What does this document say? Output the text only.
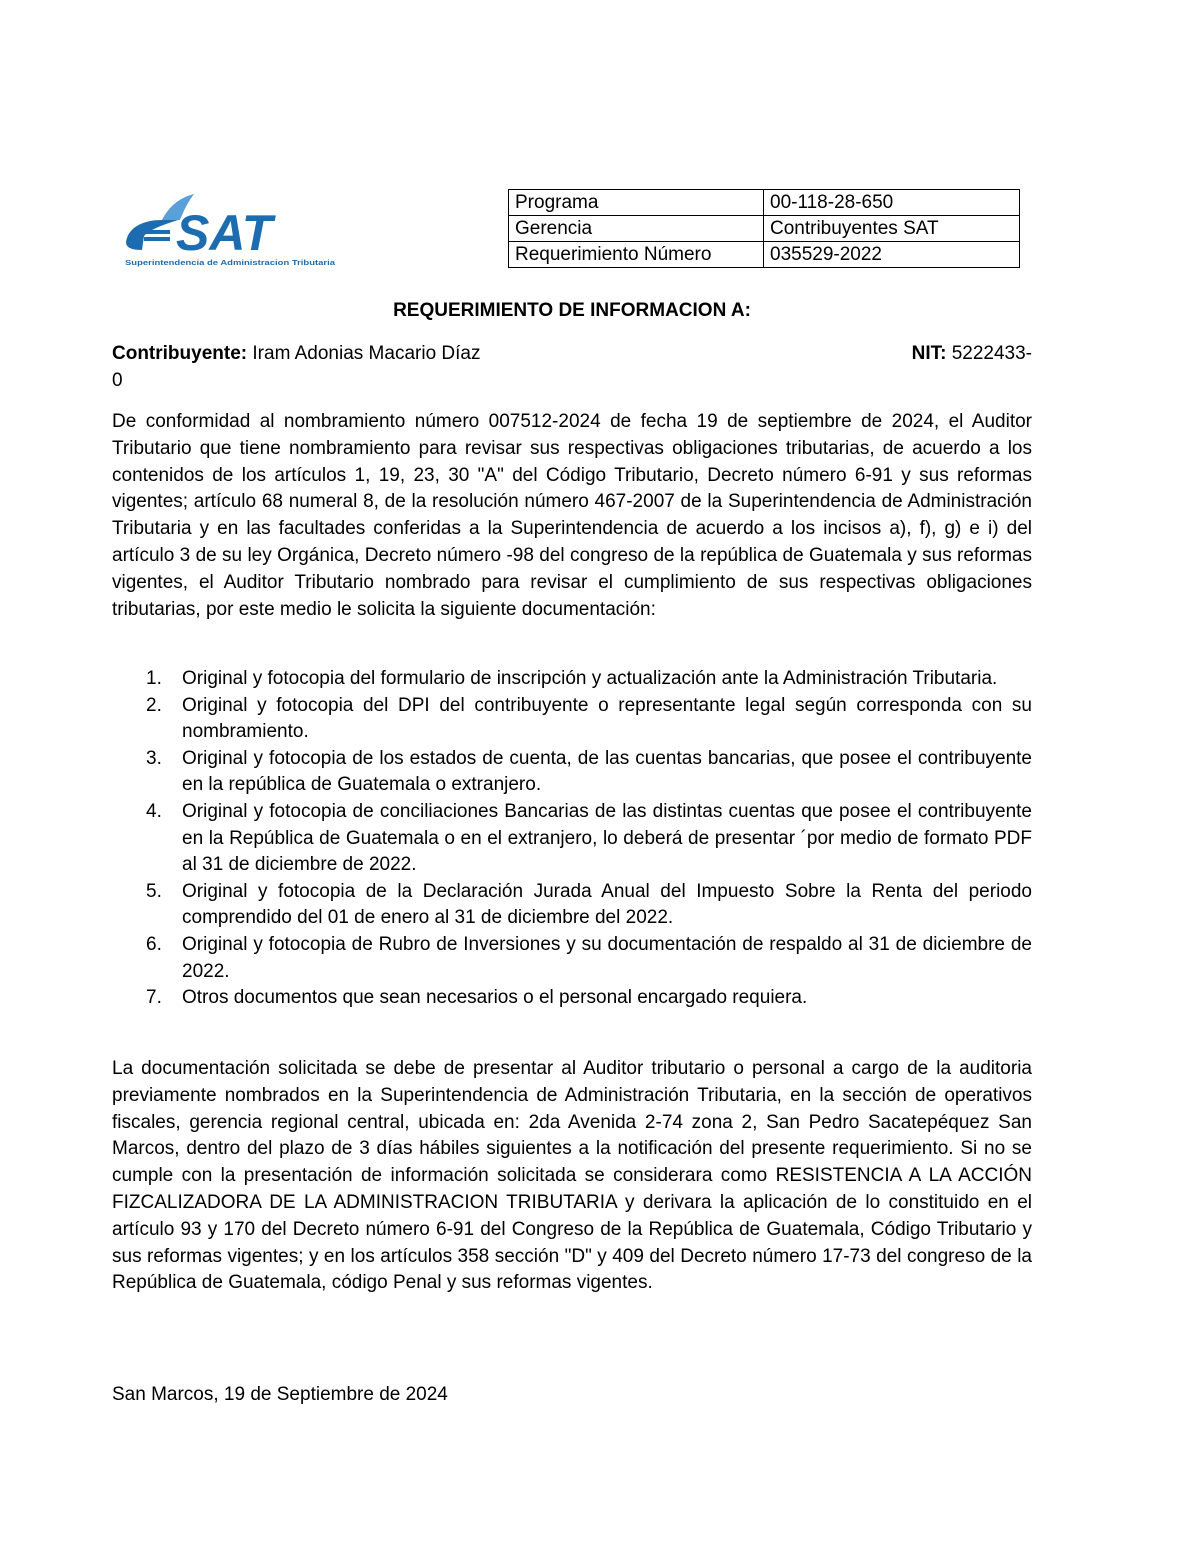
SAT
Superintendencia de Administracion Tributaria
Programa	00-118-28-650
Gerencia	Contribuyentes SAT
Requerimiento Número	035529-2022
REQUERIMIENTO DE INFORMACION A:
Contribuyente: Iram Adonias Macario Díaz	NIT: 5222433-
0
De conformidad al nombramiento número 007512-2024 de fecha 19 de septiembre de 2024, el Auditor Tributario que tiene nombramiento para revisar sus respectivas obligaciones tributarias, de acuerdo a los contenidos de los artículos 1, 19, 23, 30 "A" del Código Tributario, Decreto número 6-91 y sus reformas vigentes; artículo 68 numeral 8, de la resolución número 467-2007 de la Superintendencia de Administración Tributaria y en las facultades conferidas a la Superintendencia de acuerdo a los incisos a), f), g) e i) del artículo 3 de su ley Orgánica, Decreto número -98 del congreso de la república de Guatemala y sus reformas vigentes, el Auditor Tributario nombrado para revisar el cumplimiento de sus respectivas obligaciones tributarias, por este medio le solicita la siguiente documentación:
1. Original y fotocopia del formulario de inscripción y actualización ante la Administración Tributaria.
2. Original y fotocopia del DPI del contribuyente o representante legal según corresponda con su nombramiento.
3. Original y fotocopia de los estados de cuenta, de las cuentas bancarias, que posee el contribuyente en la república de Guatemala o extranjero.
4. Original y fotocopia de conciliaciones Bancarias de las distintas cuentas que posee el contribuyente en la República de Guatemala o en el extranjero, lo deberá de presentar ´por medio de formato PDF al 31 de diciembre de 2022.
5. Original y fotocopia de la Declaración Jurada Anual del Impuesto Sobre la Renta del periodo comprendido del 01 de enero al 31 de diciembre del 2022.
6. Original y fotocopia de Rubro de Inversiones y su documentación de respaldo al 31 de diciembre de 2022.
7. Otros documentos que sean necesarios o el personal encargado requiera.
La documentación solicitada se debe de presentar al Auditor tributario o personal a cargo de la auditoria previamente nombrados en la Superintendencia de Administración Tributaria, en la sección de operativos fiscales, gerencia regional central, ubicada en: 2da Avenida 2-74 zona 2, San Pedro Sacatepéquez San Marcos, dentro del plazo de 3 días hábiles siguientes a la notificación del presente requerimiento. Si no se cumple con la presentación de información solicitada se considerara como RESISTENCIA A LA ACCIÓN FIZCALIZADORA DE LA ADMINISTRACION TRIBUTARIA y derivara la aplicación de lo constituido en el artículo 93 y 170 del Decreto número 6-91 del Congreso de la República de Guatemala, Código Tributario y sus reformas vigentes; y en los artículos 358 sección "D" y 409 del Decreto número 17-73 del congreso de la República de Guatemala, código Penal y sus reformas vigentes.
San Marcos, 19 de Septiembre de 2024
